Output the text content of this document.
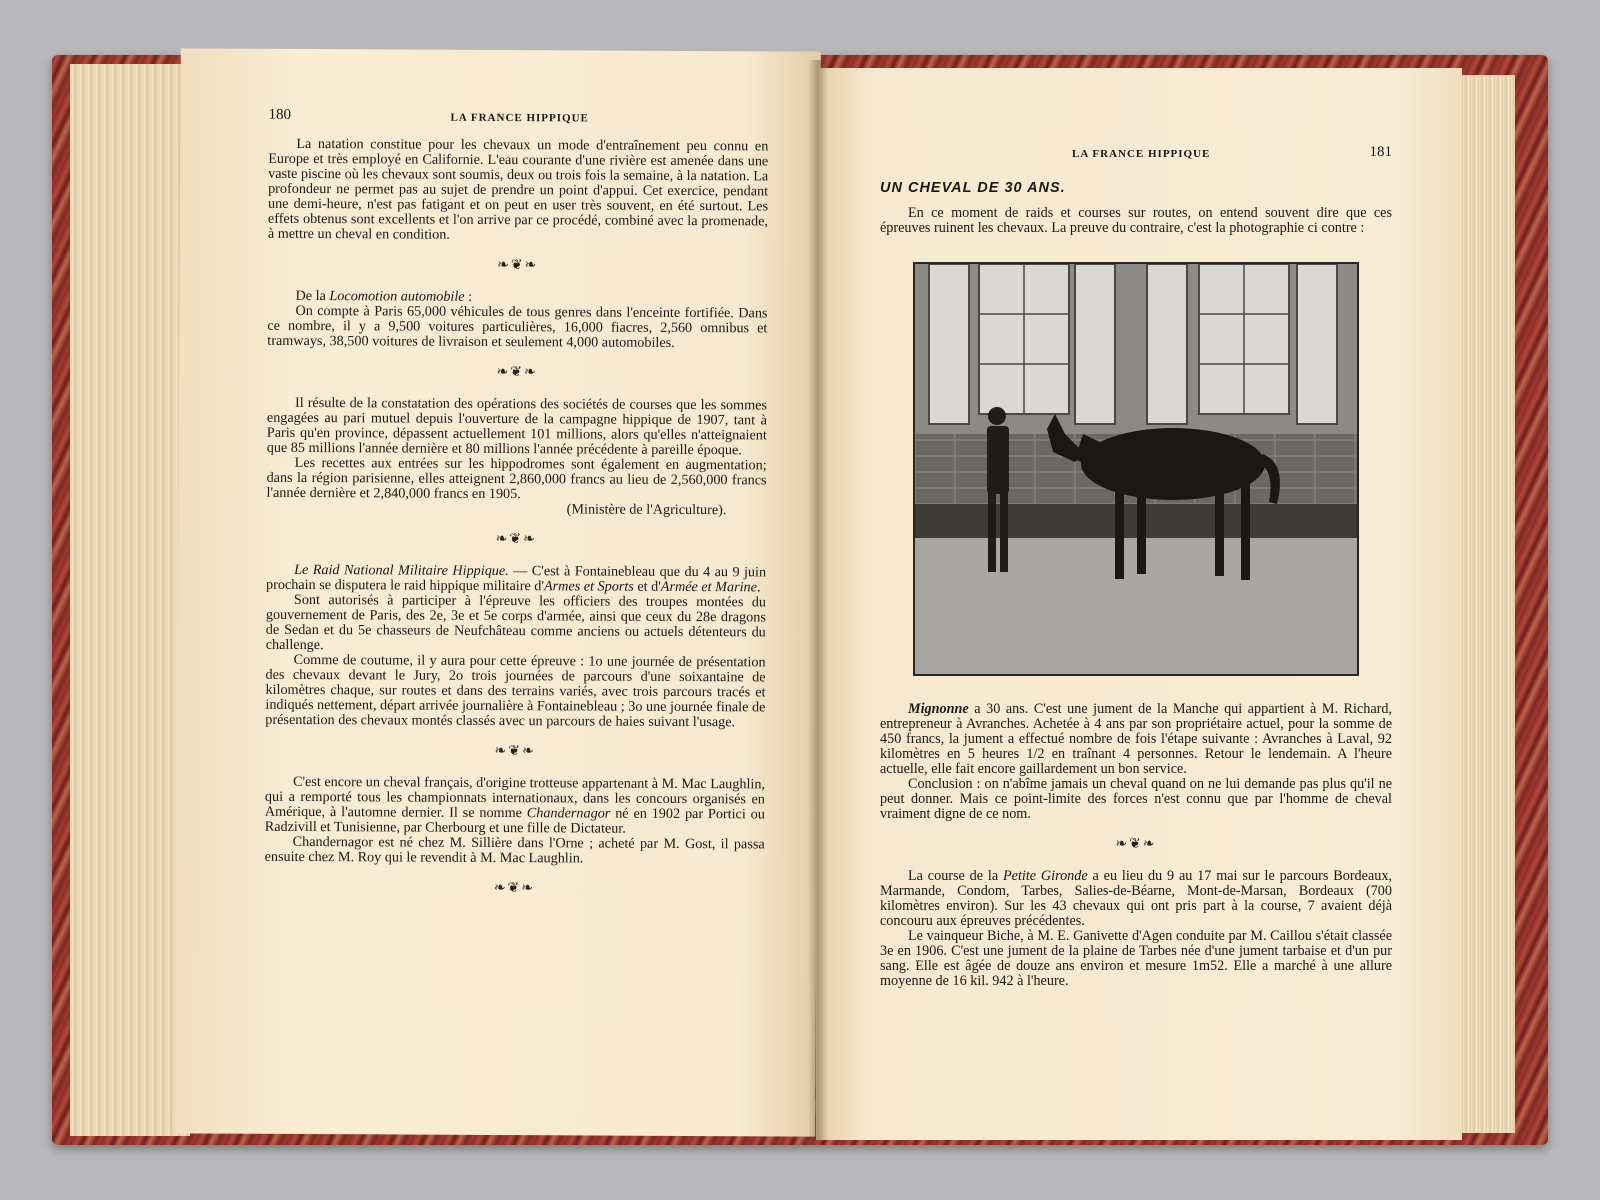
180	LA FRANCE HIPPIQUE

La natation constitue pour les chevaux un mode d'entraînement peu connu en Europe et très employé en Californie. L'eau courante d'une rivière est amenée dans une vaste piscine où les chevaux sont soumis, deux ou trois fois la semaine, à la natation. La profondeur ne permet pas au sujet de prendre un point d'appui. Cet exercice, pendant une demi-heure, n'est pas fatigant et on peut en user très souvent, en été surtout. Les effets obtenus sont excellents et l'on arrive par ce procédé, combiné avec la promenade, à mettre un cheval en condition.

❧❦❧

De la Locomotion automobile :

On compte à Paris 65,000 véhicules de tous genres dans l'enceinte fortifiée. Dans ce nombre, il y a 9,500 voitures particulières, 16,000 fiacres, 2,560 omnibus et tramways, 38,500 voitures de livraison et seulement 4,000 automobiles.

❧❦❧

Il résulte de la constatation des opérations des sociétés de courses que les sommes engagées au pari mutuel depuis l'ouverture de la campagne hippique de 1907, tant à Paris qu'en province, dépassent actuellement 101 millions, alors qu'elles n'atteignaient que 85 millions l'année dernière et 80 millions l'année précédente à pareille époque.

Les recettes aux entrées sur les hippodromes sont également en augmentation; dans la région parisienne, elles atteignent 2,860,000 francs au lieu de 2,560,000 francs l'année dernière et 2,840,000 francs en 1905.

(Ministère de l'Agriculture).

❧❦❧

Le Raid National Militaire Hippique. — C'est à Fontainebleau que du 4 au 9 juin prochain se disputera le raid hippique militaire d'Armes et Sports et d'Armée et Marine.

Sont autorisés à participer à l'épreuve les officiers des troupes montées du gouvernement de Paris, des 2e, 3e et 5e corps d'armée, ainsi que ceux du 28e dragons de Sedan et du 5e chasseurs de Neufchâteau comme anciens ou actuels détenteurs du challenge.

Comme de coutume, il y aura pour cette épreuve : 1o une journée de présentation des chevaux devant le Jury, 2o trois journées de parcours d'une soixantaine de kilomètres chaque, sur routes et dans des terrains variés, avec trois parcours tracés et indiqués nettement, départ arrivée journalière à Fontainebleau ; 3o une journée finale de présentation des chevaux montés classés avec un parcours de haies suivant l'usage.

❧❦❧

C'est encore un cheval français, d'origine trotteuse appartenant à M. Mac Laughlin, qui a remporté tous les championnats internationaux, dans les concours organisés en Amérique, à l'automne dernier. Il se nomme Chandernagor né en 1902 par Portici ou Radzivill et Tunisienne, par Cherbourg et une fille de Dictateur.

Chandernagor est né chez M. Sillière dans l'Orne ; acheté par M. Gost, il passa ensuite chez M. Roy qui le revendit à M. Mac Laughlin.

❧❦❧
LA FRANCE HIPPIQUE	181
UN CHEVAL DE 30 ANS.

En ce moment de raids et courses sur routes, on entend souvent dire que ces épreuves ruinent les chevaux. La preuve du contraire, c'est la photographie ci contre :

Mignonne a 30 ans. C'est une jument de la Manche qui appartient à M. Richard, entrepreneur à Avranches. Achetée à 4 ans par son propriétaire actuel, pour la somme de 450 francs, la jument a effectué nombre de fois l'étape suivante : Avranches à Laval, 92 kilomètres en 5 heures 1/2 en traînant 4 personnes. Retour le lendemain. A l'heure actuelle, elle fait encore gaillardement un bon service.

Conclusion : on n'abîme jamais un cheval quand on ne lui demande pas plus qu'il ne peut donner. Mais ce point-limite des forces n'est connu que par l'homme de cheval vraiment digne de ce nom.

❧❦❧

La course de la Petite Gironde a eu lieu du 9 au 17 mai sur le parcours Bordeaux, Marmande, Condom, Tarbes, Salies-de-Béarne, Mont-de-Marsan, Bordeaux (700 kilomètres environ). Sur les 43 chevaux qui ont pris part à la course, 7 avaient déjà concouru aux épreuves précédentes.

Le vainqueur Biche, à M. E. Ganivette d'Agen conduite par M. Caillou s'était classée 3e en 1906. C'est une jument de la plaine de Tarbes née d'une jument tarbaise et d'un pur sang. Elle est âgée de douze ans environ et mesure 1m52. Elle a marché à une allure moyenne de 16 kil. 942 à l'heure.
